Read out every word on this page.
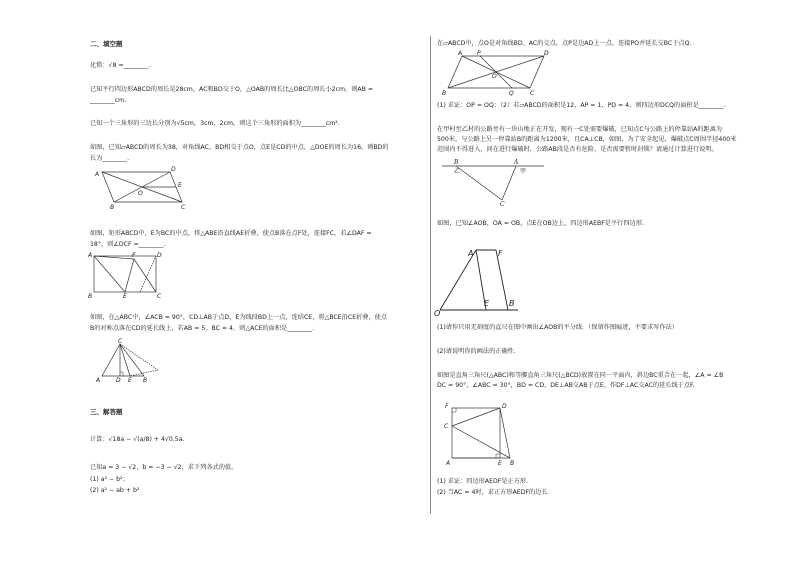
二、填空题
化简：√8 =________.
已知平行四边形ABCD的周长是28cm，AC和BD交于O，△OAB的周长比△OBC的周长小2cm，则AB =
________cm.
已知一个三角形的三边长分别为√5cm，3cm，2cm，则这个三角形的面积为________cm².
如图，已知▱ABCD的周长为38，对角线AC，BD相交于点O，点E是CD的中点，△DOE的周长为16，则BD的
长为________.
A
D
B	C
O
E
如图，矩形ABCD中，E为BC的中点，将△ABE沿直线AE折叠，使点B落在点F处，连接FC，若∠DAF =
18°，则∠DCF =________.
A	D
F
B	E	C
如图，在△ABC中，∠ACB = 90°，CD⊥AB于点D，E为线段BD上一点，连结CE，将△BCE沿CE折叠，使点
B的对称点落在CD的延长线上，若AB = 5，BC = 4，则△ACE的面积是________.
C
A	B
D E
三、解答题
计算：√18a − √(a/8) + 4√0.5a.
已知a = 3 − √2，b = −3 − √2，求下列各式的值。
(1) a² − b²；
(2) a² − ab + b²
在▱ABCD中，点O是对角线BD、AC的交点，点P是边AD上一点，连接PO并延长交BC于点Q.
A P	D
B	Q	C
O
(1) 求证：OP = OQ；（2）若▱ABCD的面积是12，AP = 1，PD = 4，则四边形DCQ的面积是________.
在甲村至乙村的公路旁有一块山地正在开发，现有一C处需要爆破，已知点C与公路上的停靠站A的距离为
500米，与公路上另一停靠站B的距离为1200米，且CA⊥CB，如图，为了安全起见，爆破点C周围半径400米
范围内不得进入，问在进行爆破时，公路AB段是否有危险，是否需要暂时封锁？请通过计算进行说明。
B
乙
A
甲
C
如图，已知∠AOB，OA = OB，点E在OB边上，四边形AEBF是平行四边形.
A	F
O
E B
(1)请你只用无刻度的直尺在图中画出∠AOB的平分线．（保留作图痕迹，不要求写作法）
(2)请说明你的画法的正确性.
如图是直角三角尺(△ABC)和等腰直角三角尺(△BCD)放置在同一平面内，斜边BC重合在一起，∠A = ∠B
DC = 90°，∠ABC = 30°，BD = CD，DE⊥AB交AB于点E，作DF⊥AC交AC的延长线于点F.
F	D
C
B
A	E
(1) 求证：四边形AEDF是正方形.
(2) 当AC = 4时，求正方形AEDF的边长.
